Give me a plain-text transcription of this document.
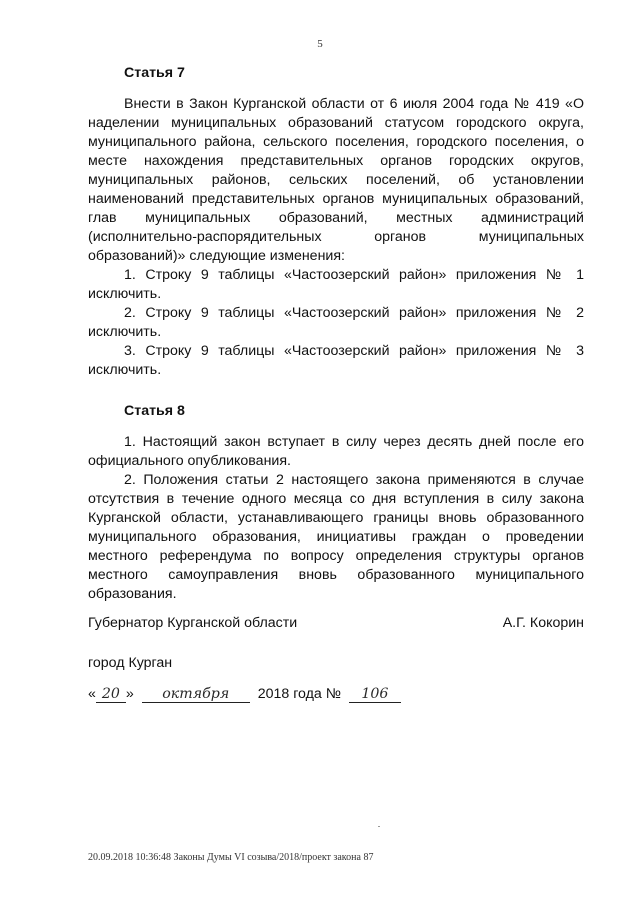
5
Статья 7

Внести в Закон Курганской области от 6 июля 2004 года № 419 «О наделении муниципальных образований статусом городского округа, муниципального района, сельского поселения, городского поселения, о месте нахождения представительных органов городских округов, муниципальных районов, сельских поселений, об установлении наименований представительных органов муниципальных образований, глав муниципальных образований, местных администраций (исполнительно-распорядительных органов муниципальных образований)» следующие изменения:

1. Строку 9 таблицы «Частоозерский район» приложения № 1 исключить.

2. Строку 9 таблицы «Частоозерский район» приложения № 2 исключить.

3. Строку 9 таблицы «Частоозерский район» приложения № 3 исключить.

Статья 8

1. Настоящий закон вступает в силу через десять дней после его официального опубликования.

2. Положения статьи 2 настоящего закона применяются в случае отсутствия в течение одного месяца со дня вступления в силу закона Курганской области, устанавливающего границы вновь образованного муниципального образования, инициативы граждан о проведении местного референдума по вопросу определения структуры органов местного самоуправления вновь образованного муниципального образования.

Губернатор Курганской области	А.Г. Кокорин
город Курган
« 20 » октября 2018 года № 106
20.09.2018 10:36:48 Законы Думы VI созыва/2018/проект закона 87
